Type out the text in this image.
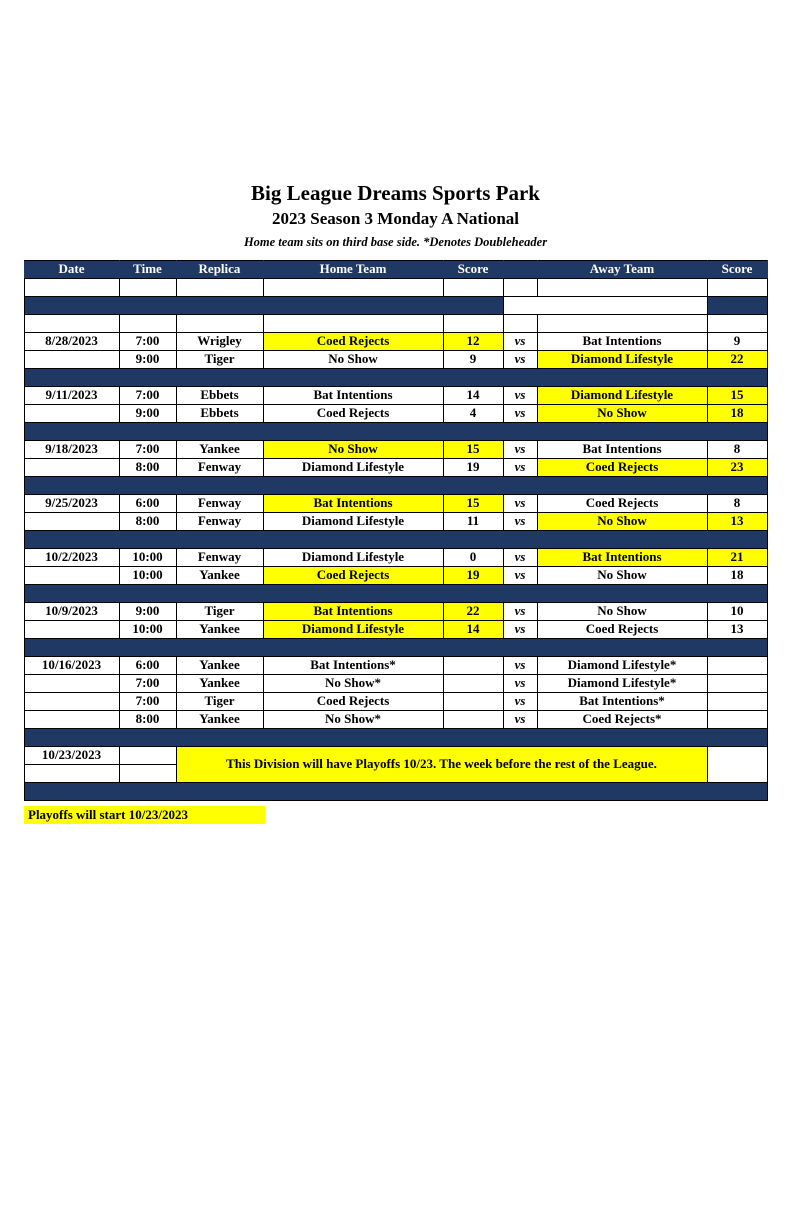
Big League Dreams Sports Park
2023 Season 3 Monday A National
Home team sits on third base side. *Denotes Doubleheader
Date	Time	Replica	Home Team	Score		Away Team	Score

8/28/2023	7:00	Wrigley	Coed Rejects	12	vs	Bat Intentions	9
	9:00	Tiger	No Show	9	vs	Diamond Lifestyle	22

9/11/2023	7:00	Ebbets	Bat Intentions	14	vs	Diamond Lifestyle	15
	9:00	Ebbets	Coed Rejects	4	vs	No Show	18

9/18/2023	7:00	Yankee	No Show	15	vs	Bat Intentions	8
	8:00	Fenway	Diamond Lifestyle	19	vs	Coed Rejects	23

9/25/2023	6:00	Fenway	Bat Intentions	15	vs	Coed Rejects	8
	8:00	Fenway	Diamond Lifestyle	11	vs	No Show	13

10/2/2023	10:00	Fenway	Diamond Lifestyle	0	vs	Bat Intentions	21
	10:00	Yankee	Coed Rejects	19	vs	No Show	18

10/9/2023	9:00	Tiger	Bat Intentions	22	vs	No Show	10
	10:00	Yankee	Diamond Lifestyle	14	vs	Coed Rejects	13

10/16/2023	6:00	Yankee	Bat Intentions*		vs	Diamond Lifestyle*	
	7:00	Yankee	No Show*		vs	Diamond Lifestyle*	
	7:00	Tiger	Coed Rejects		vs	Bat Intentions*	
	8:00	Yankee	No Show*		vs	Coed Rejects*	

10/23/2023		This Division will have Playoffs 10/23. The week before the rest of the League.					

Playoffs will start 10/23/2023
